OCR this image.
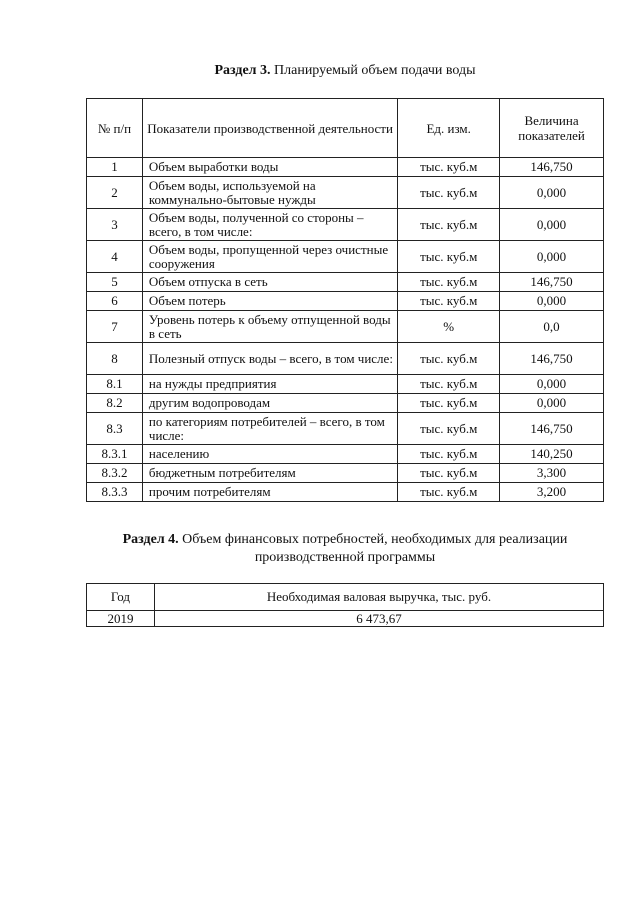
Раздел 3. Планируемый объем подачи воды
№ п/п	Показатели производственной деятельности	Ед. изм.	Величина показателей
1	Объем выработки воды	тыс. куб.м	146,750
2	Объем воды, используемой на коммунально-бытовые нужды	тыс. куб.м	0,000
3	Объем воды, полученной со стороны – всего, в том числе:	тыс. куб.м	0,000
4	Объем воды, пропущенной через очистные сооружения	тыс. куб.м	0,000
5	Объем отпуска в сеть	тыс. куб.м	146,750
6	Объем потерь	тыс. куб.м	0,000
7	Уровень потерь к объему отпущенной воды в сеть	%	0,0
8	Полезный отпуск воды – всего, в том числе:	тыс. куб.м	146,750
8.1	на нужды предприятия	тыс. куб.м	0,000
8.2	другим водопроводам	тыс. куб.м	0,000
8.3	по категориям потребителей – всего, в том числе:	тыс. куб.м	146,750
8.3.1	населению	тыс. куб.м	140,250
8.3.2	бюджетным потребителям	тыс. куб.м	3,300
8.3.3	прочим потребителям	тыс. куб.м	3,200
Раздел 4. Объем финансовых потребностей, необходимых для реализации производственной программы
Год	Необходимая валовая выручка, тыс. руб.
2019	6 473,67
